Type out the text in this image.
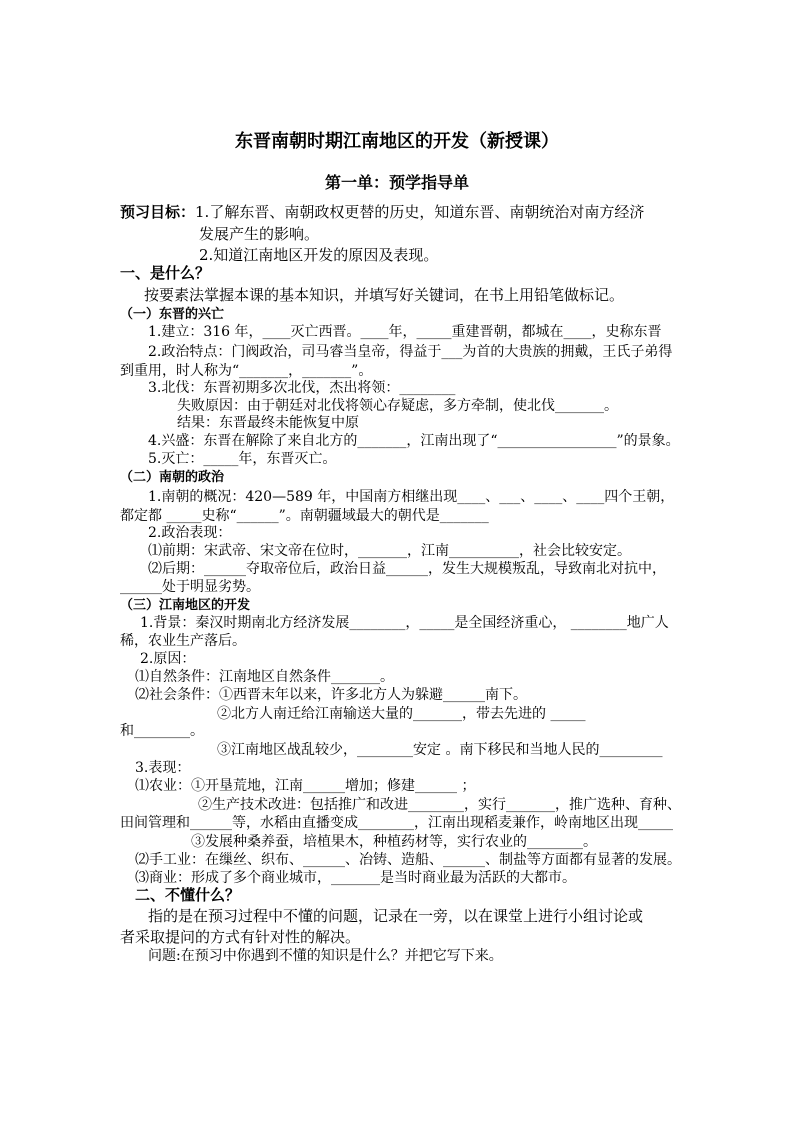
东晋南朝时期江南地区的开发（新授课）
第一单：预学指导单
预习目标：1.了解东晋、南朝政权更替的历史，知道东晋、南朝统治对南方经济
发展产生的影响。
2.知道江南地区开发的原因及表现。
一、是什么？
按要素法掌握本课的基本知识，并填写好关键词，在书上用铅笔做标记。
（一）东晋的兴亡
1.建立：316 年，____灭亡西晋。____年，_____重建晋朝，都城在____，史称东晋
2.政治特点：门阀政治，司马睿当皇帝，得益于___为首的大贵族的拥戴，王氏子弟得
到重用，时人称为“_______，_______”。
3.北伐：东晋初期多次北伐，杰出将领：________
失败原因：由于朝廷对北伐将领心存疑虑，多方牵制，使北伐_______。
结果：东晋最终未能恢复中原
4.兴盛：东晋在解除了来自北方的_______，江南出现了“_________________”的景象。
5.灭亡：_____年，东晋灭亡。
（二）南朝的政治
1.南朝的概况：420—589 年，中国南方相继出现____、___、____、____四个王朝，
都定都 _____史称“______”。南朝疆域最大的朝代是_______
2.政治表现：
⑴前期：宋武帝、宋文帝在位时，_______，江南__________，社会比较安定。
⑵后期：______夺取帝位后，政治日益______，发生大规模叛乱，导致南北对抗中，
______处于明显劣势。
（三）江南地区的开发
1.背景：秦汉时期南北方经济发展________，_____是全国经济重心， ________地广人
稀，农业生产落后。
2.原因：
⑴自然条件：江南地区自然条件_______。
⑵社会条件：①西晋末年以来，许多北方人为躲避______南下。
②北方人南迁给江南输送大量的_______，带去先进的 _____
和________。
③江南地区战乱较少，________安定 。南下移民和当地人民的_________
3.表现：
⑴农业：①开垦荒地，江南______增加；修建______ ；
②生产技术改进：包括推广和改进________，实行_______，推广选种、育种、
田间管理和______等，水稻由直播变成________，江南出现稻麦兼作，岭南地区出现_____
③发展种桑养蚕，培植果木，种植药材等，实行农业的________。
⑵手工业：在缫丝、织布、______、冶铸、造船、______、制盐等方面都有显著的发展。
⑶商业：形成了多个商业城市，_______是当时商业最为活跃的大都市。
二、不懂什么？
指的是在预习过程中不懂的问题，记录在一旁，以在课堂上进行小组讨论或
者采取提问的方式有针对性的解决。
问题:在预习中你遇到不懂的知识是什么？并把它写下来。
